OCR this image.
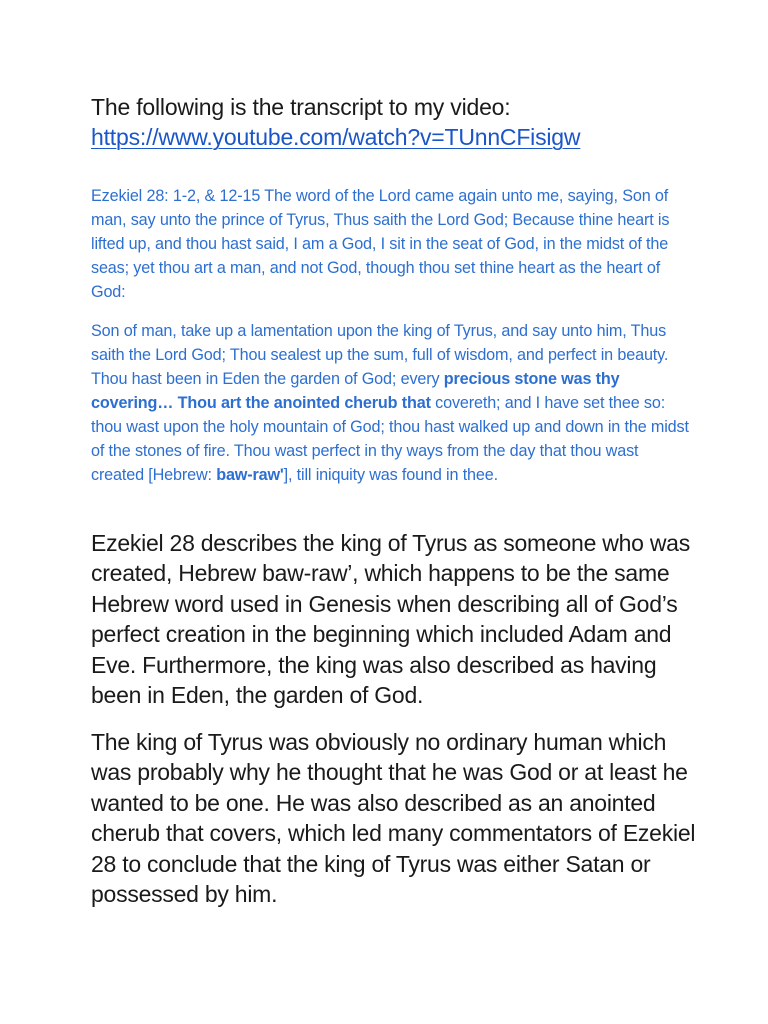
The following is the transcript to my video:
https://www.youtube.com/watch?v=TUnnCFisigw

Ezekiel 28: 1-2, & 12-15 The word of the Lord came again unto me, saying, Son of man, say unto the prince of Tyrus, Thus saith the Lord God; Because thine heart is lifted up, and thou hast said, I am a God, I sit in the seat of God, in the midst of the seas; yet thou art a man, and not God, though thou set thine heart as the heart of God:

Son of man, take up a lamentation upon the king of Tyrus, and say unto him, Thus saith the Lord God; Thou sealest up the sum, full of wisdom, and perfect in beauty. Thou hast been in Eden the garden of God; every precious stone was thy covering… Thou art the anointed cherub that covereth; and I have set thee so: thou wast upon the holy mountain of God; thou hast walked up and down in the midst of the stones of fire. Thou wast perfect in thy ways from the day that thou wast created [Hebrew: baw-raw'], till iniquity was found in thee.

Ezekiel 28 describes the king of Tyrus as someone who was created, Hebrew baw-raw’, which happens to be the same Hebrew word used in Genesis when describing all of God’s perfect creation in the beginning which included Adam and Eve. Furthermore, the king was also described as having been in Eden, the garden of God.

The king of Tyrus was obviously no ordinary human which was probably why he thought that he was God or at least he wanted to be one. He was also described as an anointed cherub that covers, which led many commentators of Ezekiel 28 to conclude that the king of Tyrus was either Satan or possessed by him.
